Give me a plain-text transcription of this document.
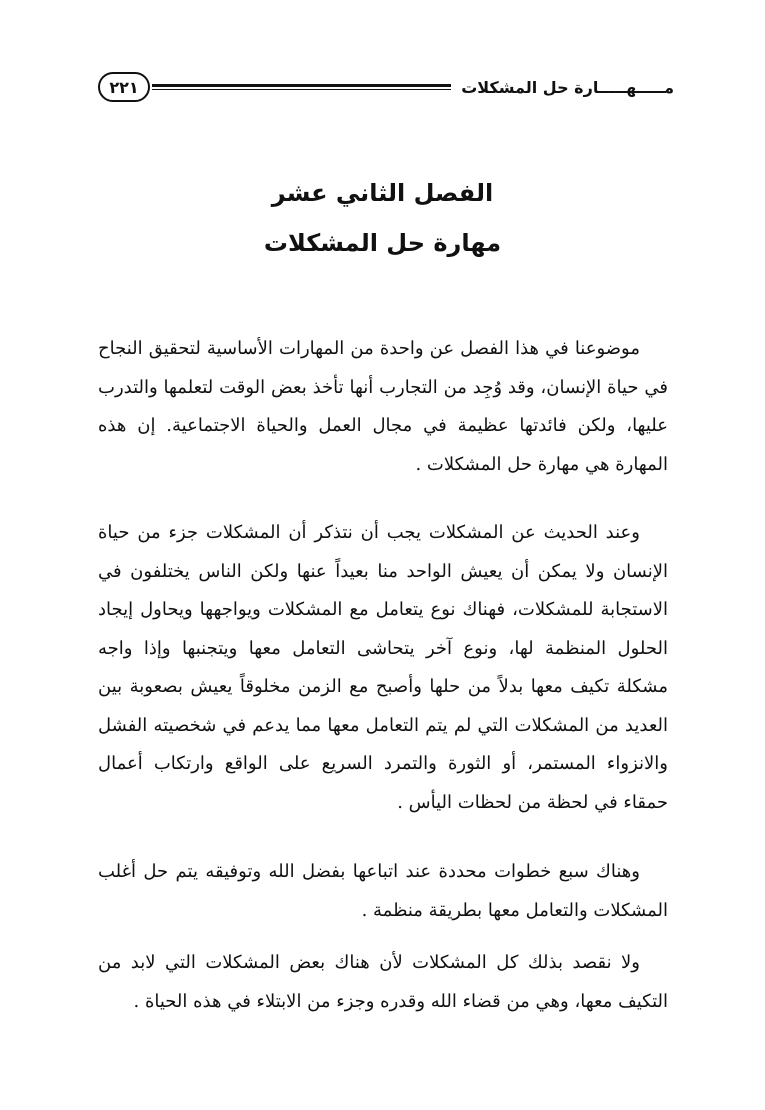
مـــــهـــــارة حل المشكلات
٢٢١
الفصل الثاني عشر
مهارة حل المشكلات

موضوعنا في هذا الفصل عن واحدة من المهارات الأساسية لتحقيق النجاح في حياة الإنسان، وقد وُجِد من التجارب أنها تأخذ بعض الوقت لتعلمها والتدرب عليها، ولكن فائدتها عظيمة في مجال العمل والحياة الاجتماعية. إن هذه المهارة هي مهارة حل المشكلات .

وعند الحديث عن المشكلات يجب أن نتذكر أن المشكلات جزء من حياة الإنسان ولا يمكن أن يعيش الواحد منا بعيداً عنها ولكن الناس يختلفون في الاستجابة للمشكلات، فهناك نوع يتعامل مع المشكلات ويواجهها ويحاول إيجاد الحلول المنظمة لها، ونوع آخر يتحاشى التعامل معها ويتجنبها وإذا واجه مشكلة تكيف معها بدلاً من حلها وأصبح مع الزمن مخلوقاً يعيش بصعوبة بين العديد من المشكلات التي لم يتم التعامل معها مما يدعم في شخصيته الفشل والانزواء المستمر، أو الثورة والتمرد السريع على الواقع وارتكاب أعمال حمقاء في لحظة من لحظات اليأس .

وهناك سبع خطوات محددة عند اتباعها بفضل الله وتوفيقه يتم حل أغلب المشكلات والتعامل معها بطريقة منظمة .

ولا نقصد بذلك كل المشكلات لأن هناك بعض المشكلات التي لابد من التكيف معها، وهي من قضاء الله وقدره وجزء من الابتلاء في هذه الحياة .
